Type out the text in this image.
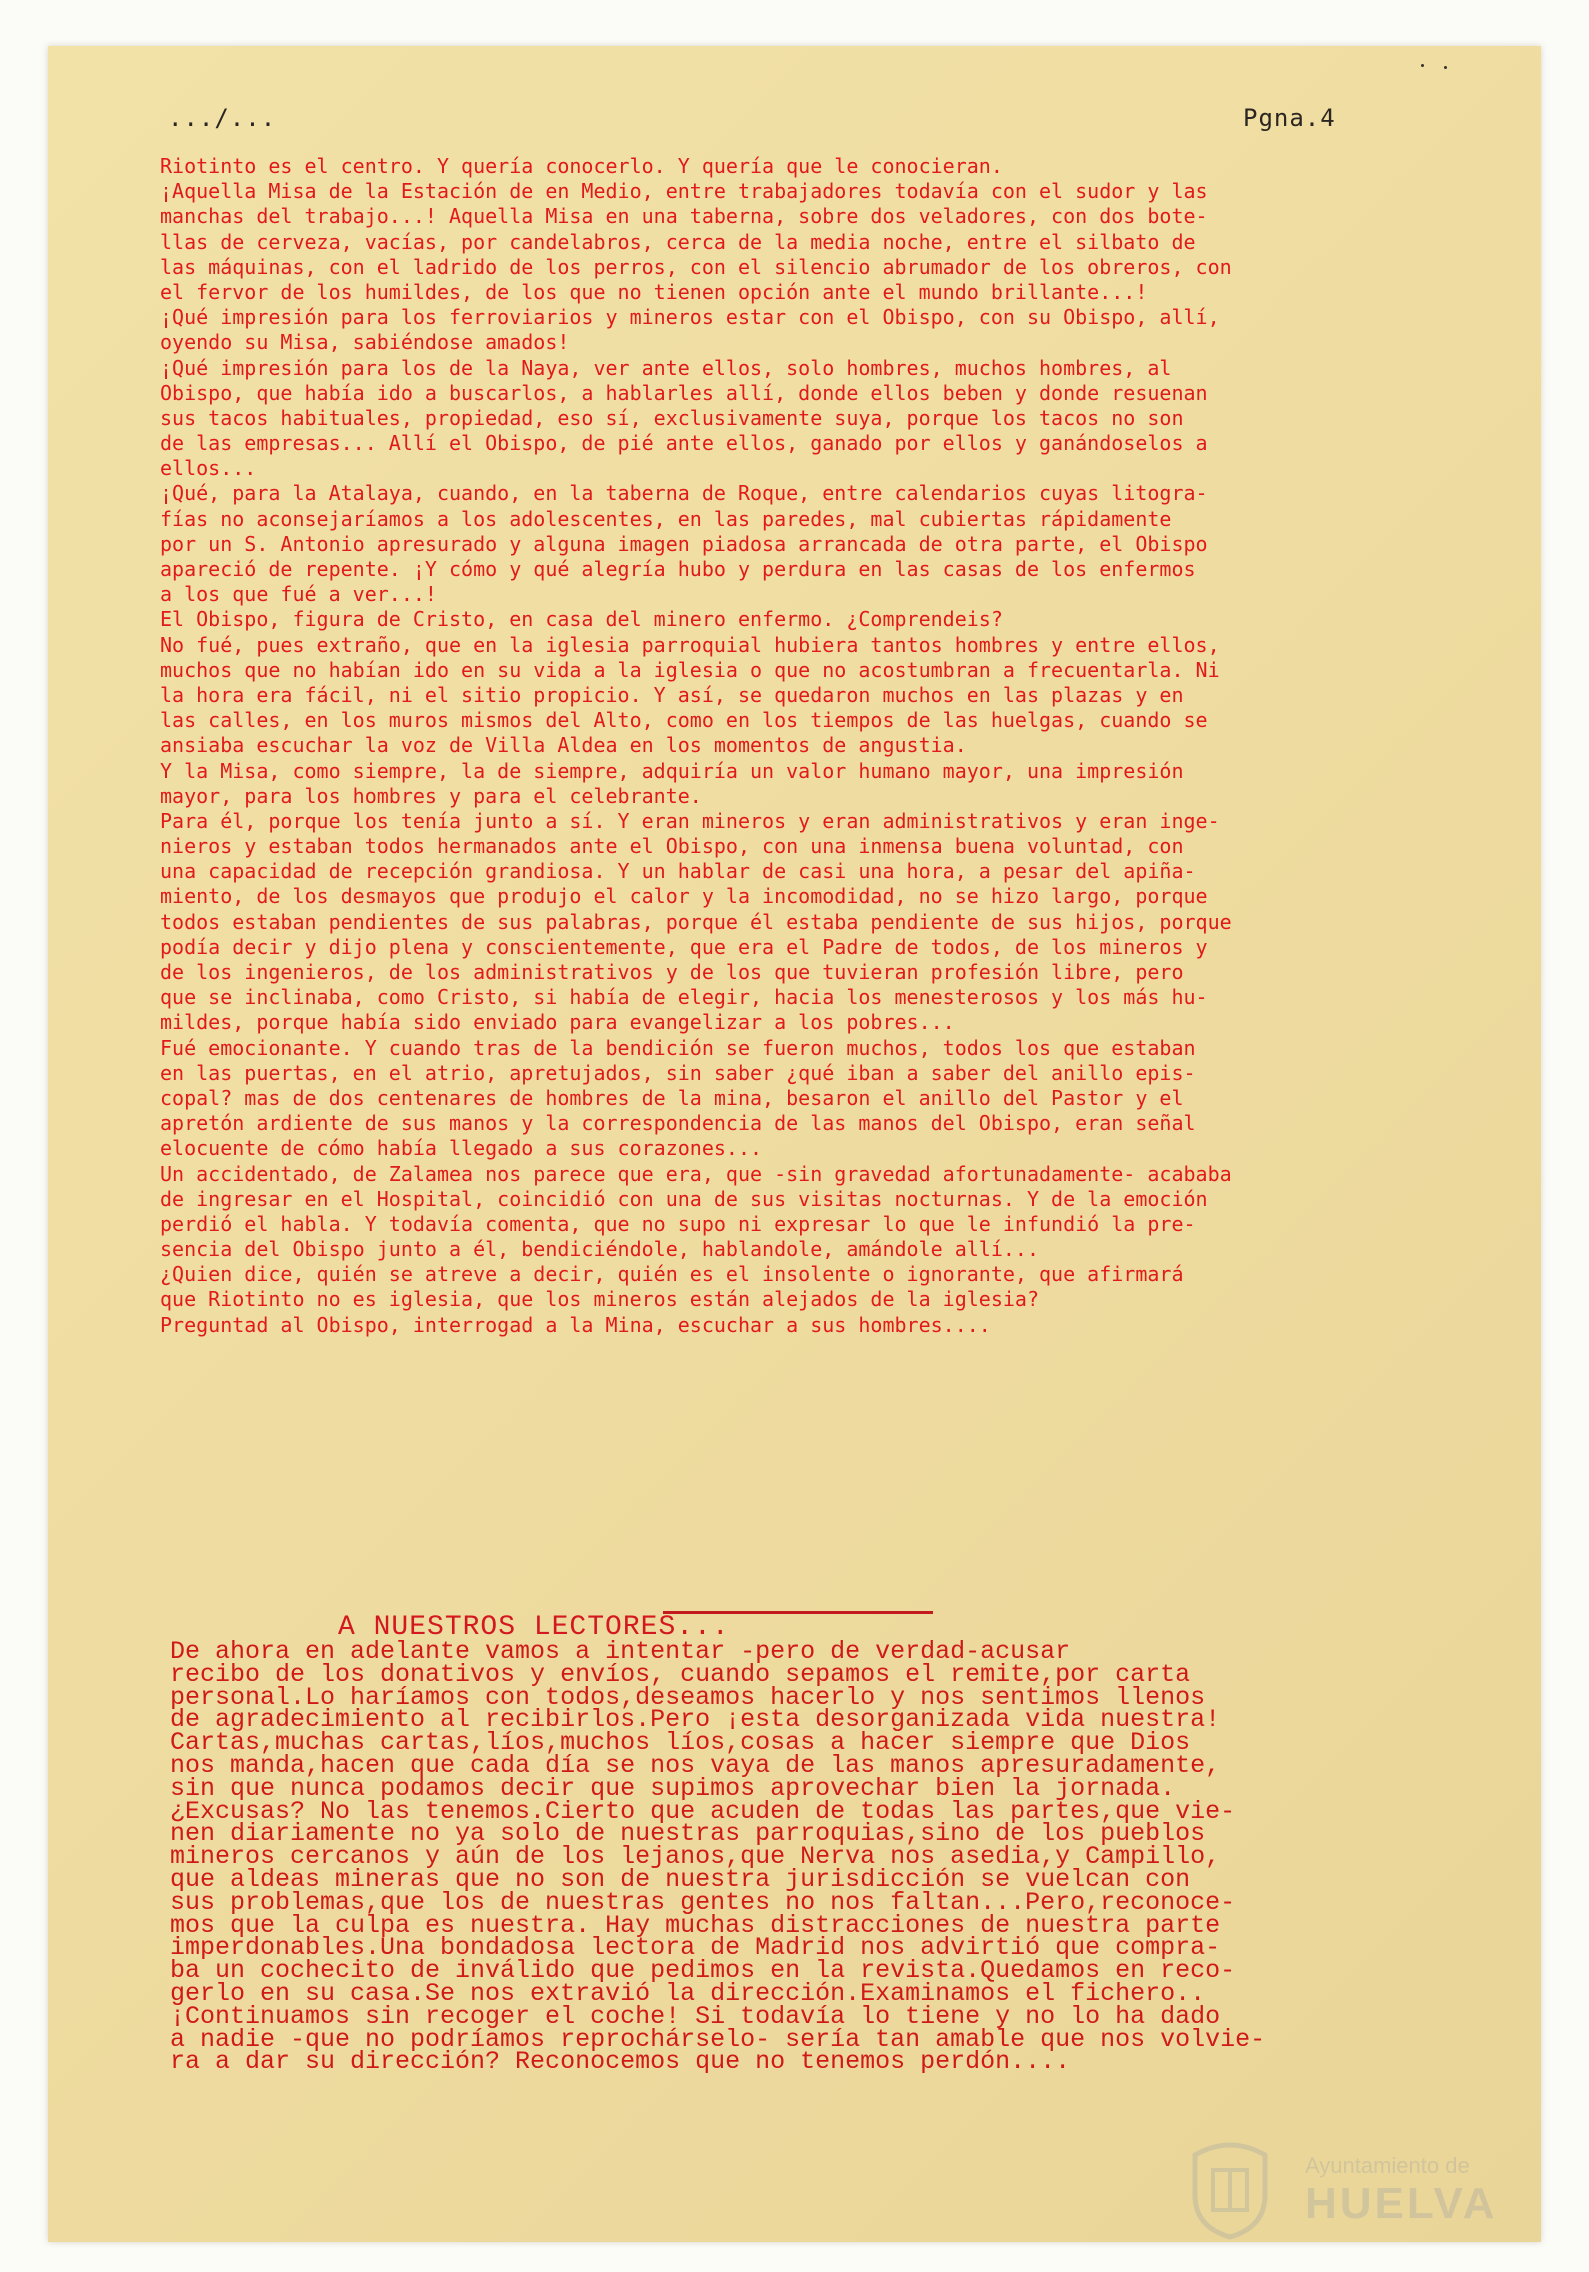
.../...	Pgna.4
Riotinto es el centro. Y quería conocerlo. Y quería que le conocieran.
¡Aquella Misa de la Estación de en Medio, entre trabajadores todavía con el sudor y las
manchas del trabajo...! Aquella Misa en una taberna, sobre dos veladores, con dos bote-
llas de cerveza, vacías, por candelabros, cerca de la media noche, entre el silbato de
las máquinas, con el ladrido de los perros, con el silencio abrumador de los obreros, con
el fervor de los humildes, de los que no tienen opción ante el mundo brillante...!
¡Qué impresión para los ferroviarios y mineros estar con el Obispo, con su Obispo, allí,
oyendo su Misa, sabiéndose amados!
¡Qué impresión para los de la Naya, ver ante ellos, solo hombres, muchos hombres, al
Obispo, que había ido a buscarlos, a hablarles allí, donde ellos beben y donde resuenan
sus tacos habituales, propiedad, eso sí, exclusivamente suya, porque los tacos no son
de las empresas... Allí el Obispo, de pié ante ellos, ganado por ellos y ganándoselos a
ellos...
¡Qué, para la Atalaya, cuando, en la taberna de Roque, entre calendarios cuyas litogra-
fías no aconsejaríamos a los adolescentes, en las paredes, mal cubiertas rápidamente
por un S. Antonio apresurado y alguna imagen piadosa arrancada de otra parte, el Obispo
apareció de repente. ¡Y cómo y qué alegría hubo y perdura en las casas de los enfermos
a los que fué a ver...!
El Obispo, figura de Cristo, en casa del minero enfermo. ¿Comprendeis?
No fué, pues extraño, que en la iglesia parroquial hubiera tantos hombres y entre ellos,
muchos que no habían ido en su vida a la iglesia o que no acostumbran a frecuentarla. Ni
la hora era fácil, ni el sitio propicio. Y así, se quedaron muchos en las plazas y en
las calles, en los muros mismos del Alto, como en los tiempos de las huelgas, cuando se
ansiaba escuchar la voz de Villa Aldea en los momentos de angustia.
Y la Misa, como siempre, la de siempre, adquiría un valor humano mayor, una impresión
mayor, para los hombres y para el celebrante.
Para él, porque los tenía junto a sí. Y eran mineros y eran administrativos y eran inge-
nieros y estaban todos hermanados ante el Obispo, con una inmensa buena voluntad, con
una capacidad de recepción grandiosa. Y un hablar de casi una hora, a pesar del apiña-
miento, de los desmayos que produjo el calor y la incomodidad, no se hizo largo, porque
todos estaban pendientes de sus palabras, porque él estaba pendiente de sus hijos, porque
podía decir y dijo plena y conscientemente, que era el Padre de todos, de los mineros y
de los ingenieros, de los administrativos y de los que tuvieran profesión libre, pero
que se inclinaba, como Cristo, si había de elegir, hacia los menesterosos y los más hu-
mildes, porque había sido enviado para evangelizar a los pobres...
Fué emocionante. Y cuando tras de la bendición se fueron muchos, todos los que estaban
en las puertas, en el atrio, apretujados, sin saber ¿qué iban a saber del anillo epis-
copal? mas de dos centenares de hombres de la mina, besaron el anillo del Pastor y el
apretón ardiente de sus manos y la correspondencia de las manos del Obispo, eran señal
elocuente de cómo había llegado a sus corazones...
Un accidentado, de Zalamea nos parece que era, que -sin gravedad afortunadamente- acababa
de ingresar en el Hospital, coincidió con una de sus visitas nocturnas. Y de la emoción
perdió el habla. Y todavía comenta, que no supo ni expresar lo que le infundió la pre-
sencia del Obispo junto a él, bendiciéndole, hablandole, amándole allí...
¿Quien dice, quién se atreve a decir, quién es el insolente o ignorante, que afirmará
que Riotinto no es iglesia, que los mineros están alejados de la iglesia?
Preguntad al Obispo, interrogad a la Mina, escuchar a sus hombres....
A NUESTROS LECTORES...
De ahora en adelante vamos a intentar -pero de verdad-acusar
recibo de los donativos y envíos, cuando sepamos el remite,por carta
personal.Lo haríamos con todos,deseamos hacerlo y nos sentimos llenos
de agradecimiento al recibirlos.Pero ¡esta desorganizada vida nuestra!
Cartas,muchas cartas,líos,muchos líos,cosas a hacer siempre que Dios
nos manda,hacen que cada día se nos vaya de las manos apresuradamente,
sin que nunca podamos decir que supimos aprovechar bien la jornada.
¿Excusas? No las tenemos.Cierto que acuden de todas las partes,que vie-
nen diariamente no ya solo de nuestras parroquias,sino de los pueblos
mineros cercanos y aún de los lejanos,que Nerva nos asedia,y Campillo,
que aldeas mineras que no son de nuestra jurisdicción se vuelcan con
sus problemas,que los de nuestras gentes no nos faltan...Pero,reconoce-
mos que la culpa es nuestra. Hay muchas distracciones de nuestra parte
imperdonables.Una bondadosa lectora de Madrid nos advirtió que compra-
ba un cochecito de inválido que pedimos en la revista.Quedamos en reco-
gerlo en su casa.Se nos extravió la dirección.Examinamos el fichero..
¡Continuamos sin recoger el coche! Si todavía lo tiene y no lo ha dado
a nadie -que no podríamos reprochárselo- sería tan amable que nos volvie-
ra a dar su dirección? Reconocemos que no tenemos perdón....
Ayuntamiento de
HUELVA
